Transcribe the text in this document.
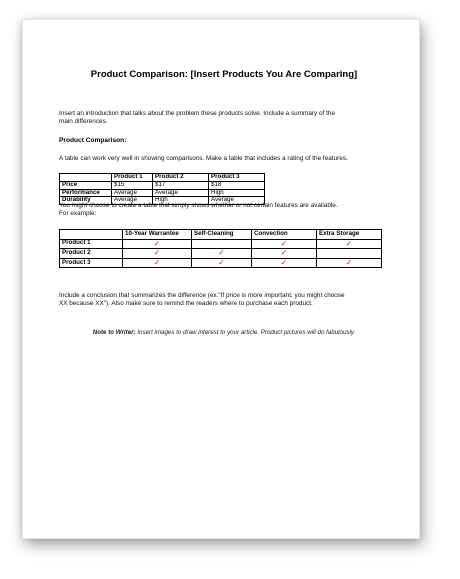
Product Comparison: [Insert Products You Are Comparing]
Insert an introduction that talks about the problem these products solve. Include a summary of the
main differences.
Product Comparison:
A table can work very well in showing comparisons. Make a table that includes a rating of the features.
	Product 1	Product 2	Product 3
Price	$15	$17	$18
Performance	Average	Average	High
Durability	Average	High	Average
You might choose to create a table that simply shows whether or not certain features are available.
For example:
	10-Year Warrantee	Self-Cleaning	Convection	Extra Storage
Product 1	✓		✓	✓
Product 2	✓	✓	✓	
Product 3	✓	✓	✓	✓
Include a conclusion that summarizes the difference (ex."If price is more important, you might choose
XX because XX"). Also make sure to remind the readers where to purchase each product.
Note to Writer: Insert images to draw interest to your article. Product pictures will do fabulously.
